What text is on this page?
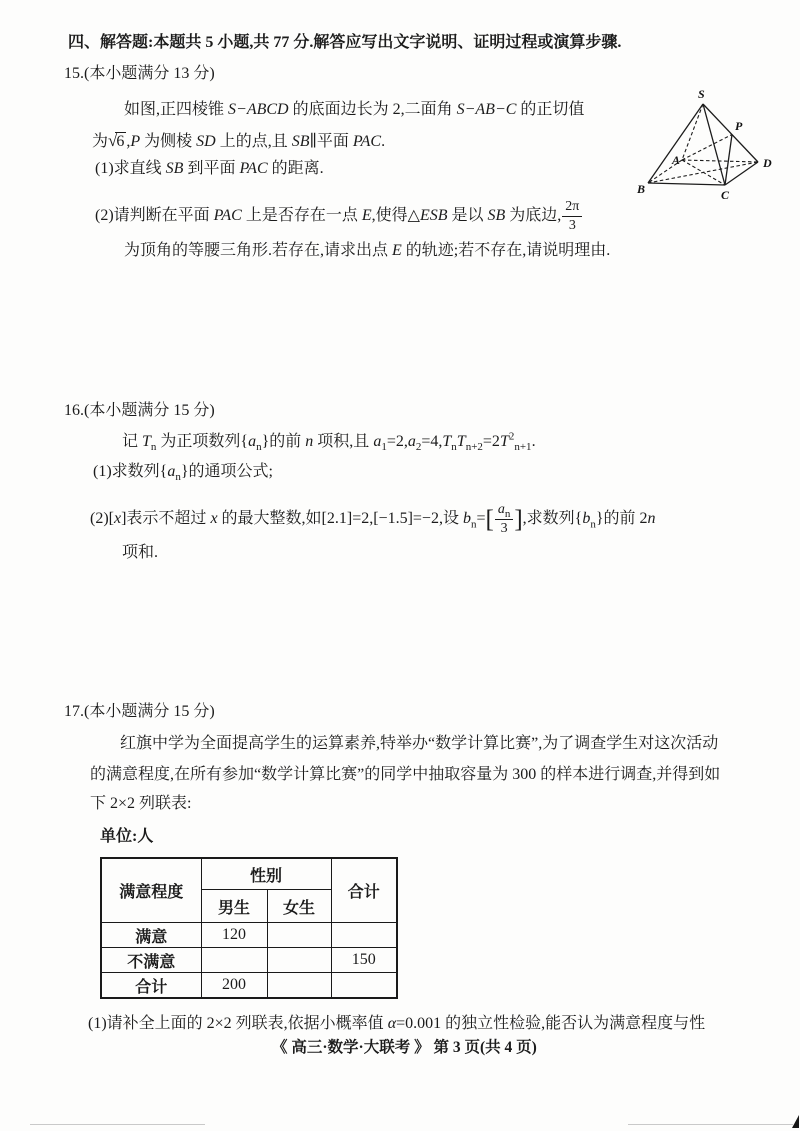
四、解答题:本题共 5 小题,共 77 分.解答应写出文字说明、证明过程或演算步骤.
15.(本小题满分 13 分)
如图,正四棱锥 S−ABCD 的底面边长为 2,二面角 S−AB−C 的正切值
为√6 ,P 为侧棱 SD 上的点,且 SB∥平面 PAC.
(1)求直线 SB 到平面 PAC 的距离.
(2)请判断在平面 PAC 上是否存在一点 E,使得△ESB 是以 SB 为底边, $\frac{2\pi}{3}$
为顶角的等腰三角形.若存在,请求出点 E 的轨迹;若不存在,请说明理由.
S
P
A
B	C
D
16.(本小题满分 15 分)
记 $T_n$ 为正项数列$\{a_n\}$的前 n 项积,且 $a_1=2,a_2=4,T_nT_{n+2}=2T^2_{n+1}$.
(1)求数列$\{a_n\}$的通项公式;
(2)[x]表示不超过 x 的最大整数,如[2.1]=2,[−1.5]=−2,设 $b_n=[ \frac{a_n}{3}$ ],求数列$\{b_n\}$的前 2n
项和.
17.(本小题满分 15 分)
红旗中学为全面提高学生的运算素养,特举办“数学计算比赛”,为了调查学生对这次活动
的满意程度,在所有参加“数学计算比赛”的同学中抽取容量为 300 的样本进行调查,并得到如
下 2×2 列联表:
单位:人
满意程度	性别		合计
	男生	女生	
满意	120		
不满意			150
合计	200		
(1)请补全上面的 2×2 列联表,依据小概率值 α=0.001 的独立性检验,能否认为满意程度与性
《 高三·数学·大联考 》 第 3 页(共 4 页)
